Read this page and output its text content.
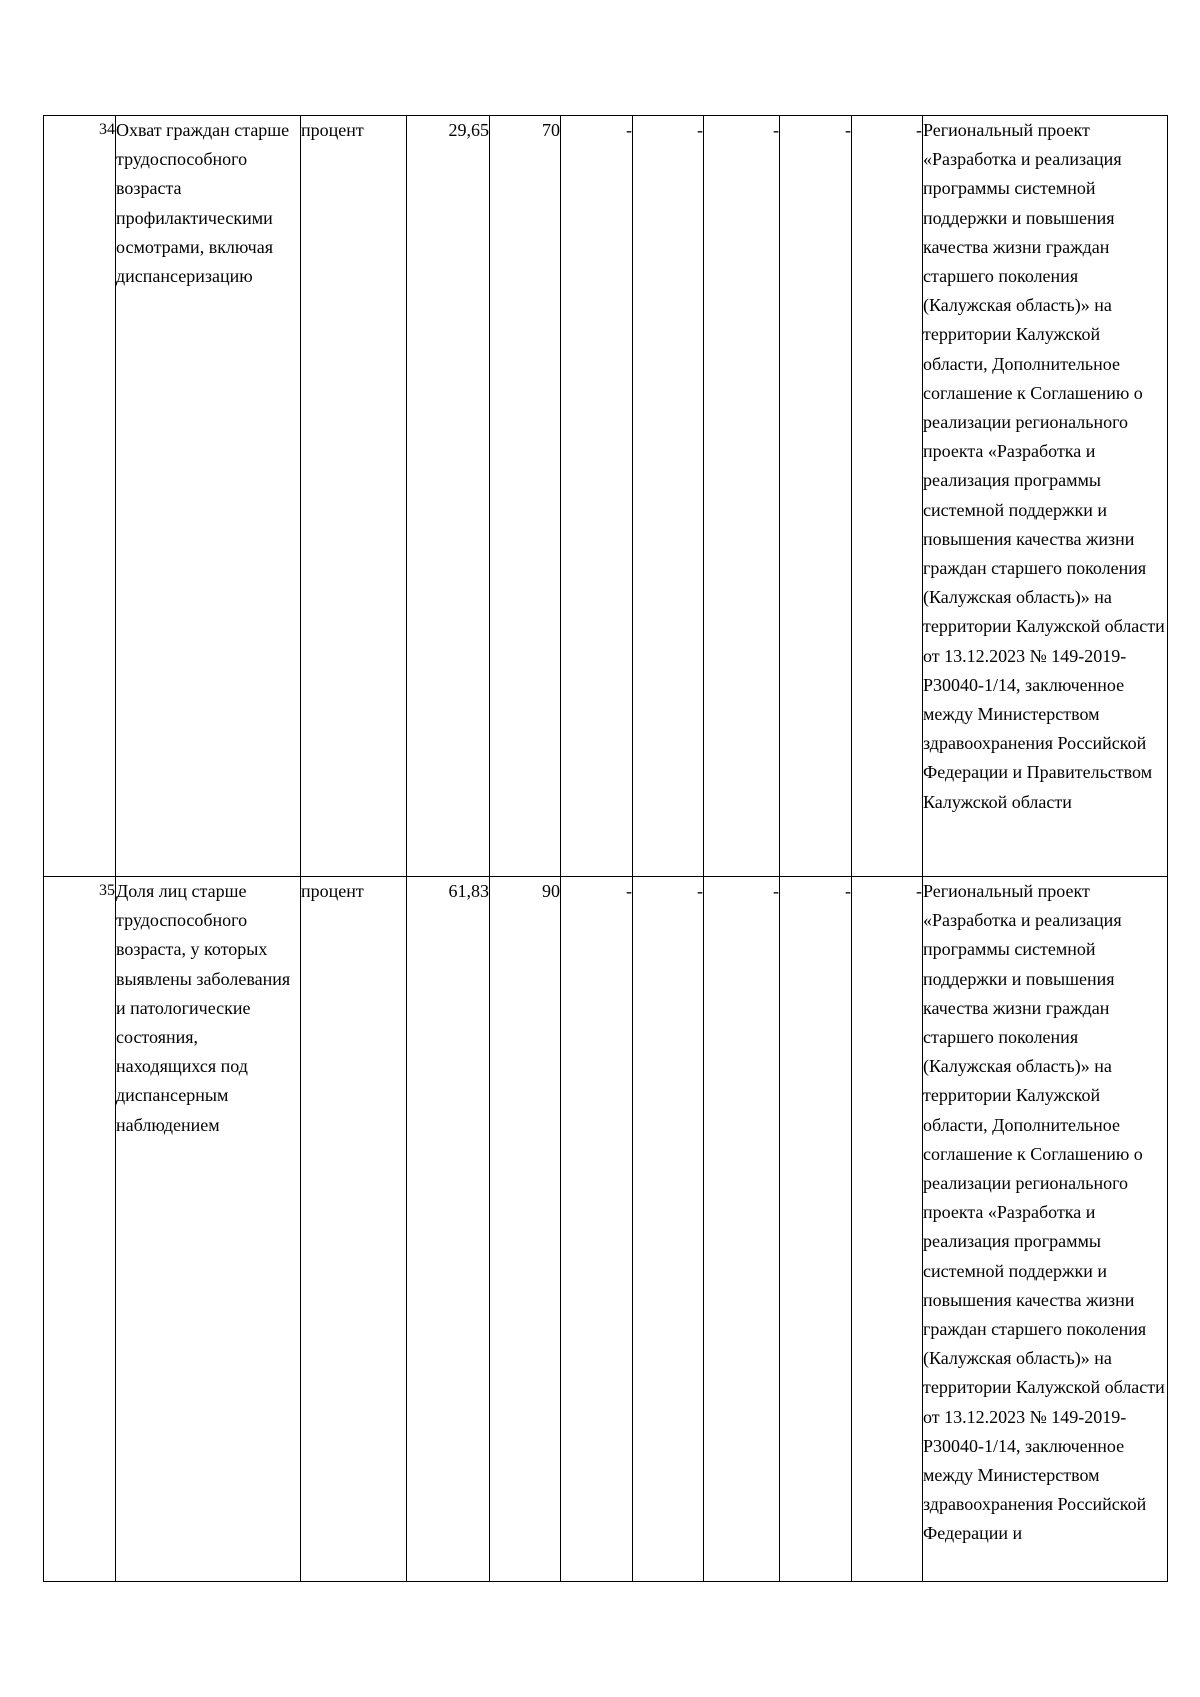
34	Охват граждан старше трудоспособного возраста профилактическими осмотрами, включая диспансеризацию	процент	29,65	70	-	-	-	-	-	Региональный проект «Разработка и реализация программы системной поддержки и повышения качества жизни граждан старшего поколения (Калужская область)» на территории Калужской области, Дополнительное соглашение к Соглашению о реализации регионального проекта «Разработка и реализация программы системной поддержки и повышения качества жизни граждан старшего поколения (Калужская область)» на территории Калужской области от 13.12.2023 № 149-2019-P30040-1/14, заключенное между Министерством здравоохранения Российской Федерации и Правительством Калужской области

35	Доля лиц старше трудоспособного возраста, у которых выявлены заболевания и патологические состояния, находящихся под диспансерным наблюдением	процент	61,83	90	-	-	-	-	-	Региональный проект «Разработка и реализация программы системной поддержки и повышения качества жизни граждан старшего поколения (Калужская область)» на территории Калужской области, Дополнительное соглашение к Соглашению о реализации регионального проекта «Разработка и реализация программы системной поддержки и повышения качества жизни граждан старшего поколения (Калужская область)» на территории Калужской области от 13.12.2023 № 149-2019-P30040-1/14, заключенное между Министерством здравоохранения Российской Федерации и
